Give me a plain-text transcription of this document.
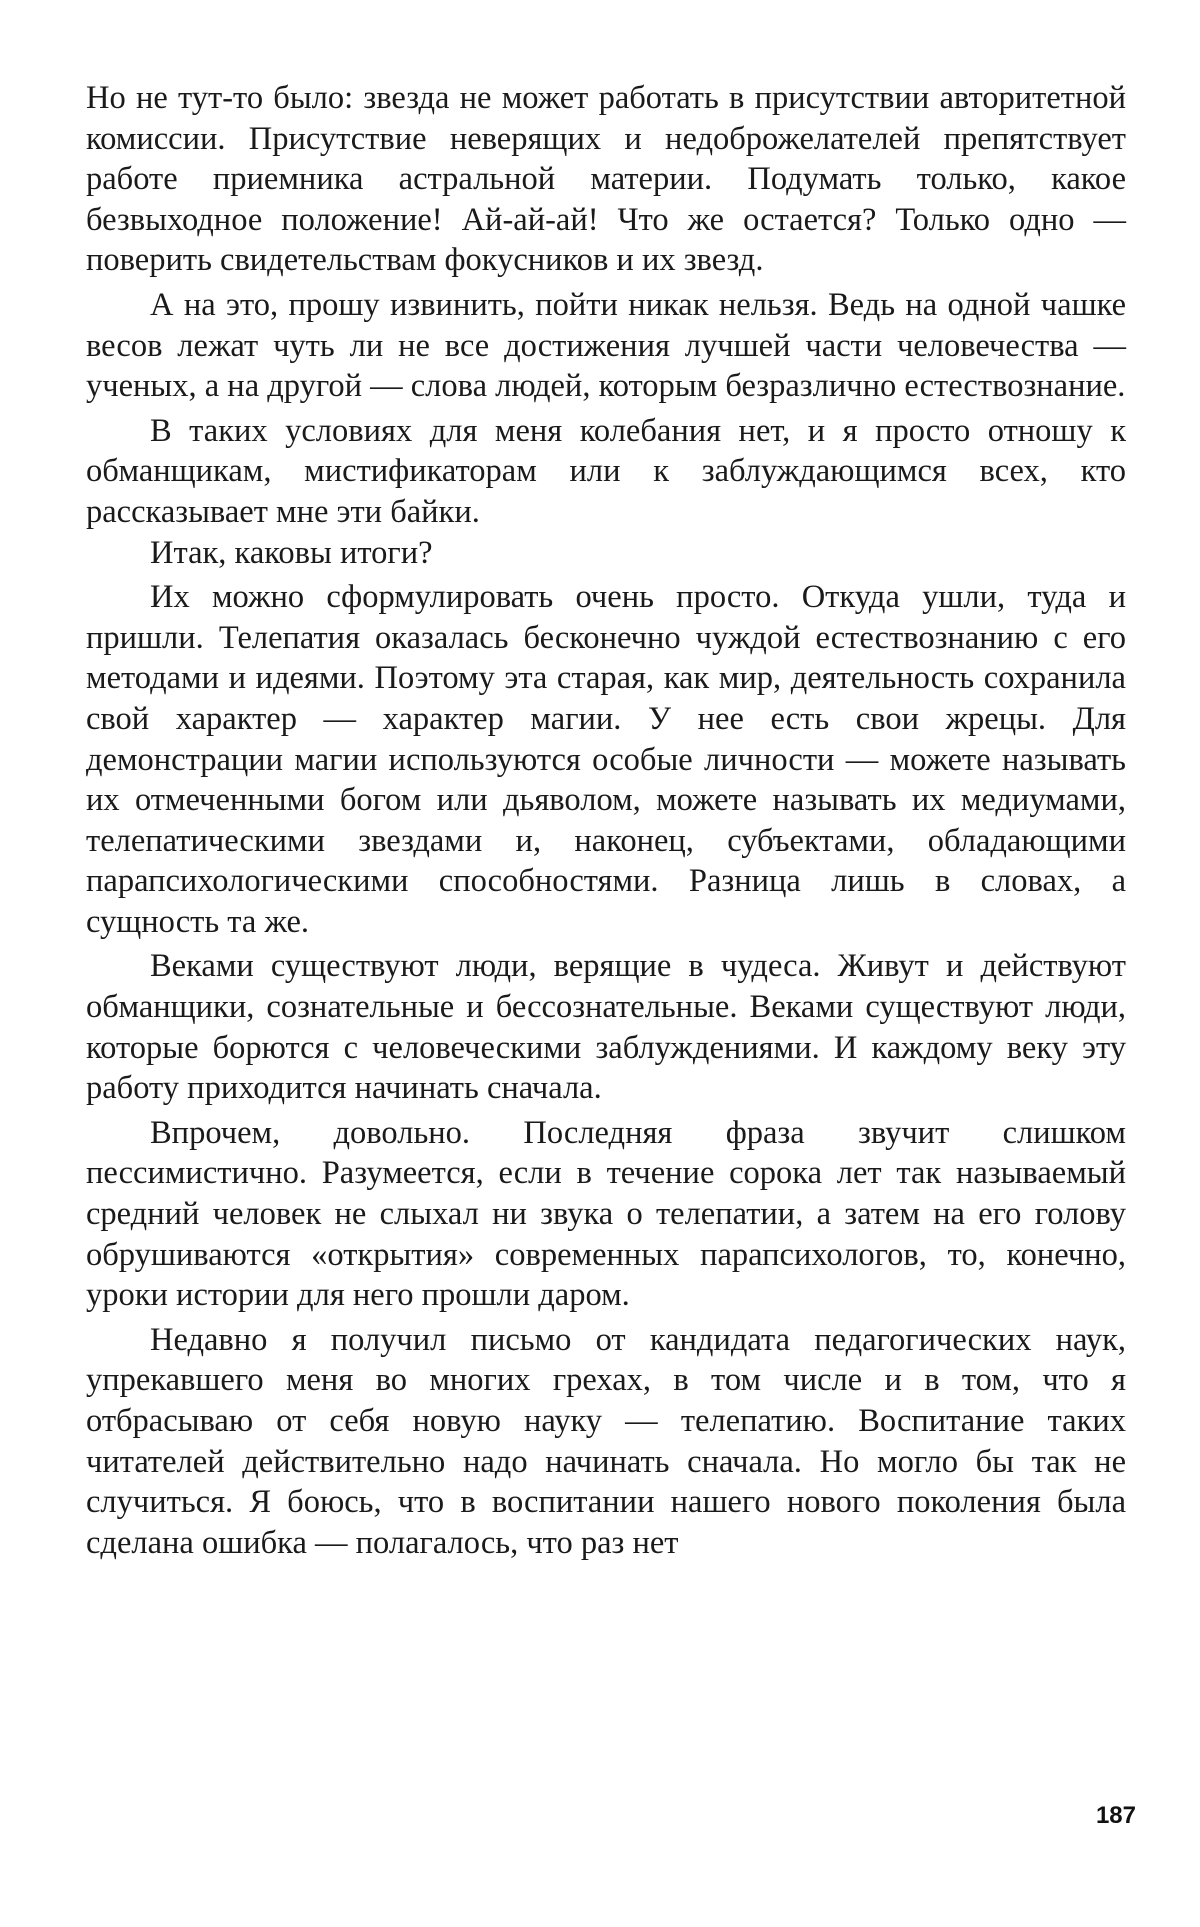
Но не тут-то было: звезда не может работать в присутствии авторитетной комиссии. Присутствие неверящих и недоброжелателей препятствует работе приемника астральной материи. Подумать только, какое безвыходное положение! Ай-ай-ай! Что же остается? Только одно — поверить свидетельствам фокусников и их звезд.

А на это, прошу извинить, пойти никак нельзя. Ведь на одной чашке весов лежат чуть ли не все достижения лучшей части человечества — ученых, а на другой — слова людей, которым безразлично естествознание.

В таких условиях для меня колебания нет, и я просто отношу к обманщикам, мистификаторам или к заблуждающимся всех, кто рассказывает мне эти байки.

Итак, каковы итоги?

Их можно сформулировать очень просто. Откуда ушли, туда и пришли. Телепатия оказалась бесконечно чуждой естествознанию с его методами и идеями. Поэтому эта старая, как мир, деятельность сохранила свой характер — характер магии. У нее есть свои жрецы. Для демонстрации магии используются особые личности — можете называть их отмеченными богом или дьяволом, можете называть их медиумами, телепатическими звездами и, наконец, субъектами, обладающими парапсихологическими способностями. Разница лишь в словах, а сущность та же.

Веками существуют люди, верящие в чудеса. Живут и действуют обманщики, сознательные и бессознательные. Веками существуют люди, которые борются с человеческими заблуждениями. И каждому веку эту работу приходится начинать сначала.

Впрочем, довольно. Последняя фраза звучит слишком пессимистично. Разумеется, если в течение сорока лет так называемый средний человек не слыхал ни звука о телепатии, а затем на его голову обрушиваются «открытия» современных парапсихологов, то, конечно, уроки истории для него прошли даром.

Недавно я получил письмо от кандидата педагогических наук, упрекавшего меня во многих грехах, в том числе и в том, что я отбрасываю от себя новую науку — телепатию. Воспитание таких читателей действительно надо начинать сначала. Но могло бы так не случиться. Я боюсь, что в воспитании нашего нового поколения была сделана ошибка — полагалось, что раз нет

187
